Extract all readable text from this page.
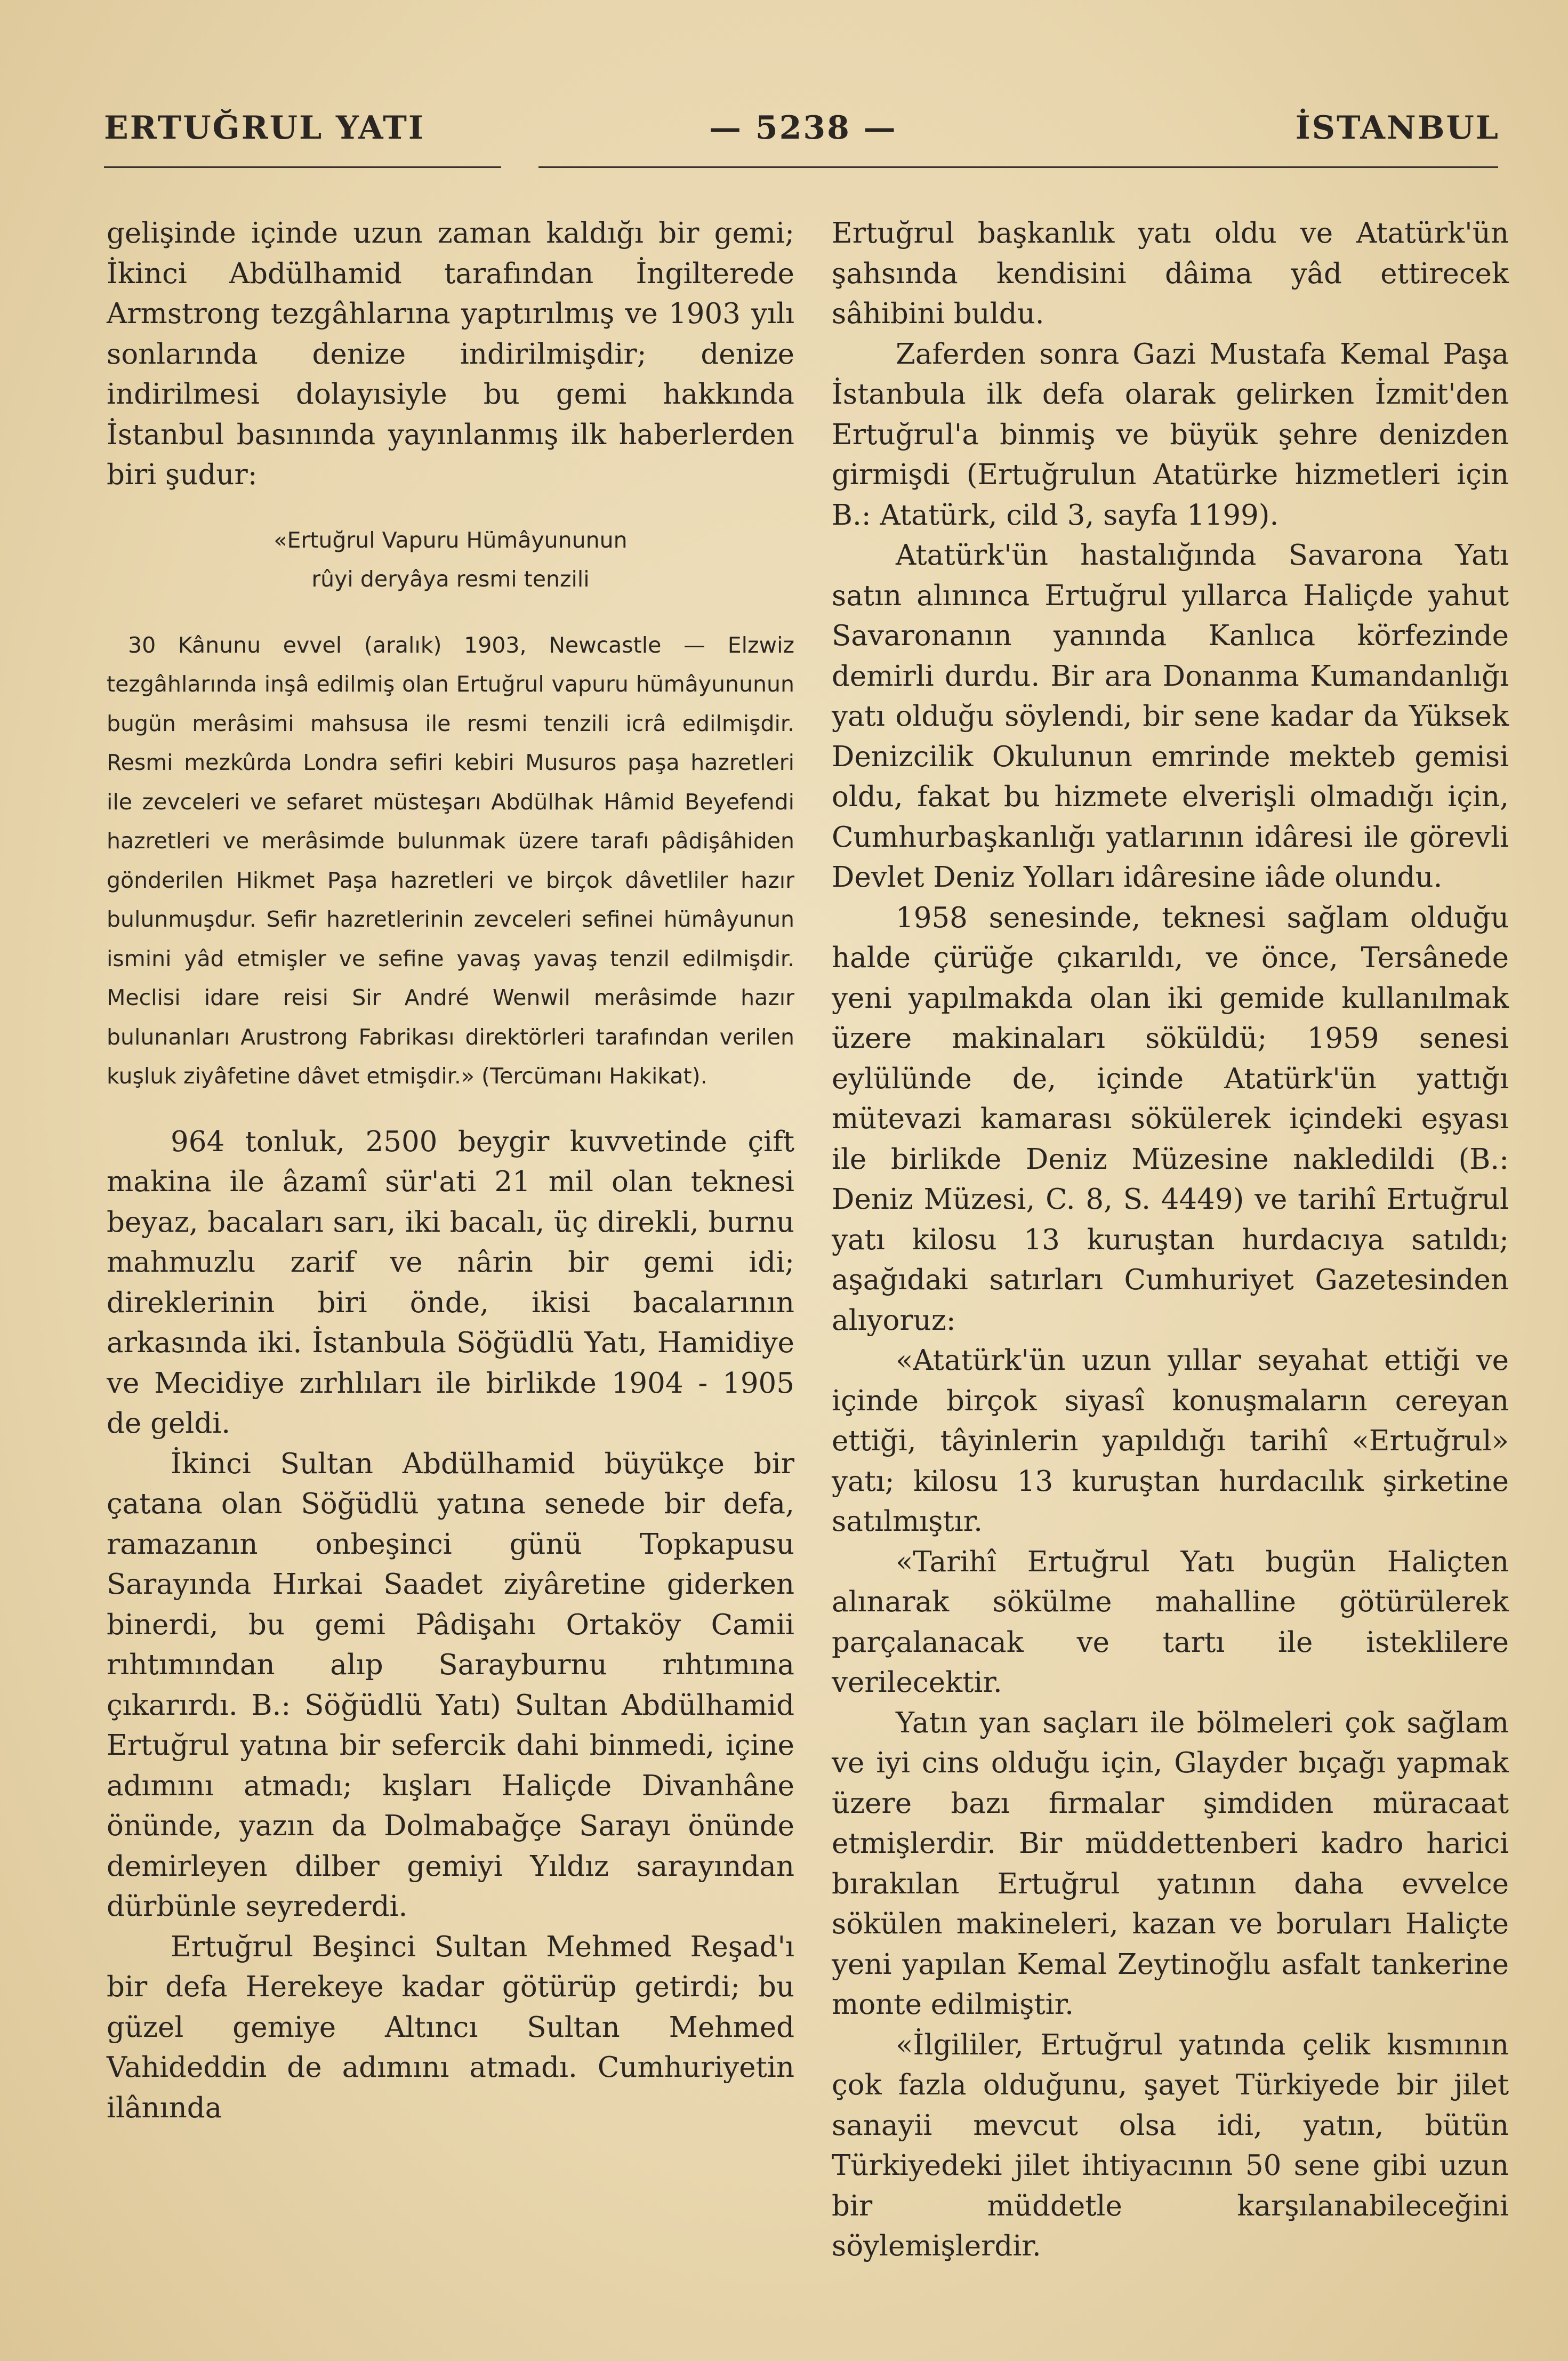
ERTUĞRUL YATI	— 5238 —	İSTANBUL

gelişinde içinde uzun zaman kaldığı bir gemi; İkinci Abdülhamid tarafından İngilterede Armstrong tezgâhlarına yaptırılmış ve 1903 yılı sonlarında denize indirilmişdir; denize indirilmesi dolayısiyle bu gemi hakkında İstanbul basınında yayınlanmış ilk haberlerden biri şudur:

«Ertuğrul Vapuru Hümâyununun

rûyi deryâya resmi tenzili

30 Kânunu evvel (aralık) 1903, Newcastle — Elzwiz tezgâhlarında inşâ edilmiş olan Ertuğrul vapuru hümâyununun bugün merâsimi mahsusa ile resmi tenzili icrâ edilmişdir. Resmi mezkûrda Londra sefiri kebiri Musuros paşa hazretleri ile zevceleri ve sefaret müsteşarı Abdülhak Hâmid Beyefendi hazretleri ve merâsimde bulunmak üzere tarafı pâdişâhiden gönderilen Hikmet Paşa hazretleri ve birçok dâvetliler hazır bulunmuşdur. Sefir hazretlerinin zevceleri sefinei hümâyunun ismini yâd etmişler ve sefine yavaş yavaş tenzil edilmişdir. Meclisi idare reisi Sir André Wenwil merâsimde hazır bulunanları Arustrong Fabrikası direktörleri tarafından verilen kuşluk ziyâfetine dâvet etmişdir.» (Tercümanı Hakikat).

964 tonluk, 2500 beygir kuvvetinde çift makina ile âzamî sür'ati 21 mil olan teknesi beyaz, bacaları sarı, iki bacalı, üç direkli, burnu mahmuzlu zarif ve nârin bir gemi idi; direklerinin biri önde, ikisi bacalarının arkasında iki. İstanbula Söğüdlü Yatı, Hamidiye ve Mecidiye zırhlıları ile birlikde 1904 - 1905 de geldi.

İkinci Sultan Abdülhamid büyükçe bir çatana olan Söğüdlü yatına senede bir defa, ramazanın onbeşinci günü Topkapusu Sarayında Hırkai Saadet ziyâretine giderken binerdi, bu gemi Pâdişahı Ortaköy Camii rıhtımından alıp Sarayburnu rıhtımına çıkarırdı. B.: Söğüdlü Yatı) Sultan Abdülhamid Ertuğrul yatına bir sefercik dahi binmedi, içine adımını atmadı; kışları Haliçde Divanhâne önünde, yazın da Dolmabağçe Sarayı önünde demirleyen dilber gemiyi Yıldız sarayından dürbünle seyrederdi.

Ertuğrul Beşinci Sultan Mehmed Reşad'ı bir defa Herekeye kadar götürüp getirdi; bu güzel gemiye Altıncı Sultan Mehmed Vahideddin de adımını atmadı. Cumhuriyetin ilânında

Ertuğrul başkanlık yatı oldu ve Atatürk'ün şahsında kendisini dâima yâd ettirecek sâhibini buldu.

Zaferden sonra Gazi Mustafa Kemal Paşa İstanbula ilk defa olarak gelirken İzmit'den Ertuğrul'a binmiş ve büyük şehre denizden girmişdi (Ertuğrulun Atatürke hizmetleri için B.: Atatürk, cild 3, sayfa 1199).

Atatürk'ün hastalığında Savarona Yatı satın alınınca Ertuğrul yıllarca Haliçde yahut Savaronanın yanında Kanlıca körfezinde demirli durdu. Bir ara Donanma Kumandanlığı yatı olduğu söylendi, bir sene kadar da Yüksek Denizcilik Okulunun emrinde mekteb gemisi oldu, fakat bu hizmete elverişli olmadığı için, Cumhurbaşkanlığı yatlarının idâresi ile görevli Devlet Deniz Yolları idâresine iâde olundu.

1958 senesinde, teknesi sağlam olduğu halde çürüğe çıkarıldı, ve önce, Tersânede yeni yapılmakda olan iki gemide kullanılmak üzere makinaları söküldü; 1959 senesi eylülünde de, içinde Atatürk'ün yattığı mütevazi kamarası sökülerek içindeki eşyası ile birlikde Deniz Müzesine nakledildi (B.: Deniz Müzesi, C. 8, S. 4449) ve tarihî Ertuğrul yatı kilosu 13 kuruştan hurdacıya satıldı; aşağıdaki satırları Cumhuriyet Gazetesinden alıyoruz:

«Atatürk'ün uzun yıllar seyahat ettiği ve içinde birçok siyasî konuşmaların cereyan ettiği, tâyinlerin yapıldığı tarihî «Ertuğrul» yatı; kilosu 13 kuruştan hurdacılık şirketine satılmıştır.

«Tarihî Ertuğrul Yatı bugün Haliçten alınarak sökülme mahalline götürülerek parçalanacak ve tartı ile isteklilere verilecektir.

Yatın yan saçları ile bölmeleri çok sağlam ve iyi cins olduğu için, Glayder bıçağı yapmak üzere bazı firmalar şimdiden müracaat etmişlerdir. Bir müddettenberi kadro harici bırakılan Ertuğrul yatının daha evvelce sökülen makineleri, kazan ve boruları Haliçte yeni yapılan Kemal Zeytinoğlu asfalt tankerine monte edilmiştir.

«İlgililer, Ertuğrul yatında çelik kısmının çok fazla olduğunu, şayet Türkiyede bir jilet sanayii mevcut olsa idi, yatın, bütün Türkiyedeki jilet ihtiyacının 50 sene gibi uzun bir müddetle karşılanabileceğini söylemişlerdir.
